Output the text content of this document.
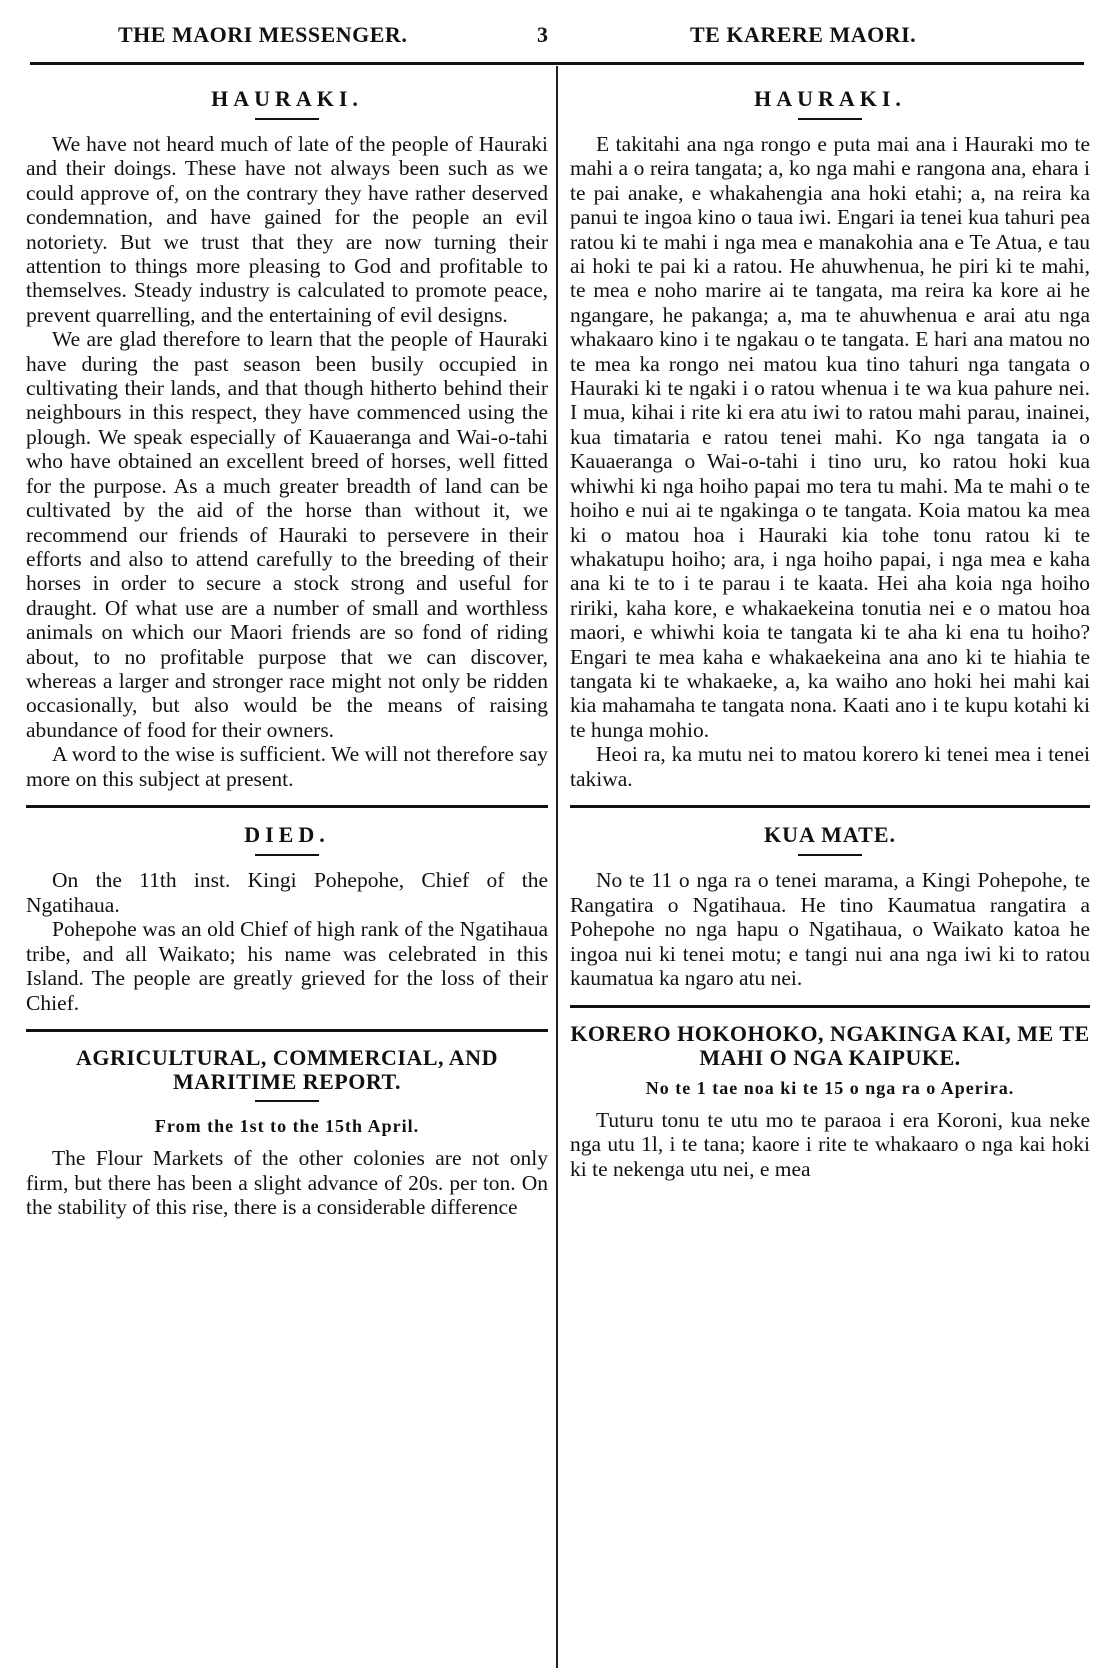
THE MAORI MESSENGER.	3	TE KARERE MAORI.
HAURAKI.

We have not heard much of late of the people of Hauraki and their doings. These have not always been such as we could approve of, on the contrary they have rather deserved condemnation, and have gained for the people an evil notoriety. But we trust that they are now turning their attention to things more pleasing to God and profitable to themselves. Steady industry is calculated to promote peace, prevent quarrelling, and the entertaining of evil designs.

We are glad therefore to learn that the people of Hauraki have during the past season been busily occupied in cultivating their lands, and that though hitherto behind their neighbours in this respect, they have commenced using the plough. We speak especially of Kauaeranga and Wai-o-tahi who have obtained an excellent breed of horses, well fitted for the purpose. As a much greater breadth of land can be cultivated by the aid of the horse than without it, we recommend our friends of Hauraki to persevere in their efforts and also to attend carefully to the breeding of their horses in order to secure a stock strong and useful for draught. Of what use are a number of small and worthless animals on which our Maori friends are so fond of riding about, to no profitable purpose that we can discover, whereas a larger and stronger race might not only be ridden occasionally, but also would be the means of raising abundance of food for their owners.

A word to the wise is sufficient. We will not therefore say more on this subject at present.

DIED.

On the 11th inst. Kingi Pohepohe, Chief of the Ngatihaua.

Pohepohe was an old Chief of high rank of the Ngatihaua tribe, and all Waikato; his name was celebrated in this Island. The people are greatly grieved for the loss of their Chief.

AGRICULTURAL, COMMERCIAL, AND MARITIME REPORT.
From the 1st to the 15th April.

The Flour Markets of the other colonies are not only firm, but there has been a slight advance of 20s. per ton. On the stability of this rise, there is a considerable difference

HAURAKI.

E takitahi ana nga rongo e puta mai ana i Hauraki mo te mahi a o reira tangata; a, ko nga mahi e rangona ana, ehara i te pai anake, e whakahengia ana hoki etahi; a, na reira ka panui te ingoa kino o taua iwi. Engari ia tenei kua tahuri pea ratou ki te mahi i nga mea e manakohia ana e Te Atua, e tau ai hoki te pai ki a ratou. He ahuwhenua, he piri ki te mahi, te mea e noho marire ai te tangata, ma reira ka kore ai he ngangare, he pakanga; a, ma te ahuwhenua e arai atu nga whakaaro kino i te ngakau o te tangata. E hari ana matou no te mea ka rongo nei matou kua tino tahuri nga tangata o Hauraki ki te ngaki i o ratou whenua i te wa kua pahure nei. I mua, kihai i rite ki era atu iwi to ratou mahi parau, inainei, kua timataria e ratou tenei mahi. Ko nga tangata ia o Kauaeranga o Wai-o-tahi i tino uru, ko ratou hoki kua whiwhi ki nga hoiho papai mo tera tu mahi. Ma te mahi o te hoiho e nui ai te ngakinga o te tangata. Koia matou ka mea ki o matou hoa i Hauraki kia tohe tonu ratou ki te whakatupu hoiho; ara, i nga hoiho papai, i nga mea e kaha ana ki te to i te parau i te kaata. Hei aha koia nga hoiho ririki, kaha kore, e whakaekeina tonutia nei e o matou hoa maori, e whiwhi koia te tangata ki te aha ki ena tu hoiho? Engari te mea kaha e whakaekeina ana ano ki te hiahia te tangata ki te whakaeke, a, ka waiho ano hoki hei mahi kai kia mahamaha te tangata nona. Kaati ano i te kupu kotahi ki te hunga mohio.

Heoi ra, ka mutu nei to matou korero ki tenei mea i tenei takiwa.

KUA MATE.

No te 11 o nga ra o tenei marama, a Kingi Pohepohe, te Rangatira o Ngatihaua. He tino Kaumatua rangatira a Pohepohe no nga hapu o Ngatihaua, o Waikato katoa he ingoa nui ki tenei motu; e tangi nui ana nga iwi ki to ratou kaumatua ka ngaro atu nei.

KORERO HOKOHOKO, NGAKINGA KAI, ME TE MAHI O NGA KAIPUKE.
No te 1 tae noa ki te 15 o nga ra o Aperira.

Tuturu tonu te utu mo te paraoa i era Koroni, kua neke nga utu 1l, i te tana; kaore i rite te whakaaro o nga kai hoki ki te nekenga utu nei, e mea
